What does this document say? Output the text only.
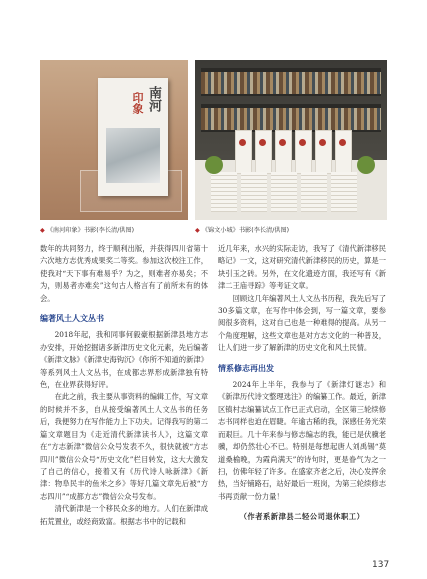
南河
印象
◆ 《南河印象》书影(李长清/供图)	◆ 《锦文小城》书影(李长清/供图)

数年的共同努力，终于顺利出版，并获得四川省第十六次地方志优秀成果奖二等奖。参加这次校注工作，使我对“天下事有难易乎？为之，则难者亦易矣；不为，则易者亦难矣”这句古人格言有了前所未有的体会。

编著风土人文丛书

2018年起，我和同事何毅豪根据新津县地方志办安排，开始挖掘诸多新津历史文化元素，先后编著《新津文脉》《新津史海钩沉》《你所不知道的新津》等系列风土人文丛书，在成都志界形成新津独有特色，在业界获得好评。

在此之前，我主要从事资料的编辑工作，写文章的时候并不多，自从接受编著风土人文丛书的任务后，我便努力在写作能力上下功夫。记得我写的第二篇文章题目为《走近清代新津读书人》，这篇文章在“方志新津”微信公众号发表不久，很快就被“方志四川”微信公众号“历史文化”栏目转发，这大大激发了自己的信心，接着又有《历代诗人咏新津》《新津：物阜民丰的鱼米之乡》等好几篇文章先后被“方志四川”“成都方志”微信公众号发布。

清代新津是一个移民众多的地方。人们在新津成拓荒置业，或经商致富。根据志书中的记载和

近几年来，水兴的实际走访，我写了《清代新津移民略记》一文，这对研究清代新津移民的历史，算是一块引玉之砖。另外，在文化遗迹方面，我还写有《新津二王庙寻踪》等考证文章。

回顾这几年编著风土人文丛书历程，我先后写了30多篇文章，在写作中体会到，写一篇文章，要参阅很多资料，这对自己也是一种难得的提高。从另一个角度理解，这些文章也是对方志文化的一种普及，让人们进一步了解新津的历史文化和风土民情。

情系修志再出发

2024年上半年，我参与了《新津灯谜志》和《新津历代诗文整理选注》的编纂工作。最近，新津区镇村志编纂试点工作已正式启动，全区第三轮续修志书同样也迫在眉睫。年逾古稀的我，深感任务光荣而艰巨。几十年来参与修志编志的我，能已是伏骥老骥，却仍然壮心不已。特别是每想起唐人刘禹锡“莫道桑榆晚，为霞尚满天”的诗句时，更是眷气为之一扫，仿佛年轻了许多。在盛家齐老之后，决心发挥余热，当好铺路石，站好最后一班岗，为第三轮续修志书再贡献一份力量！

（作者系新津县二轻公司退休职工）

137
